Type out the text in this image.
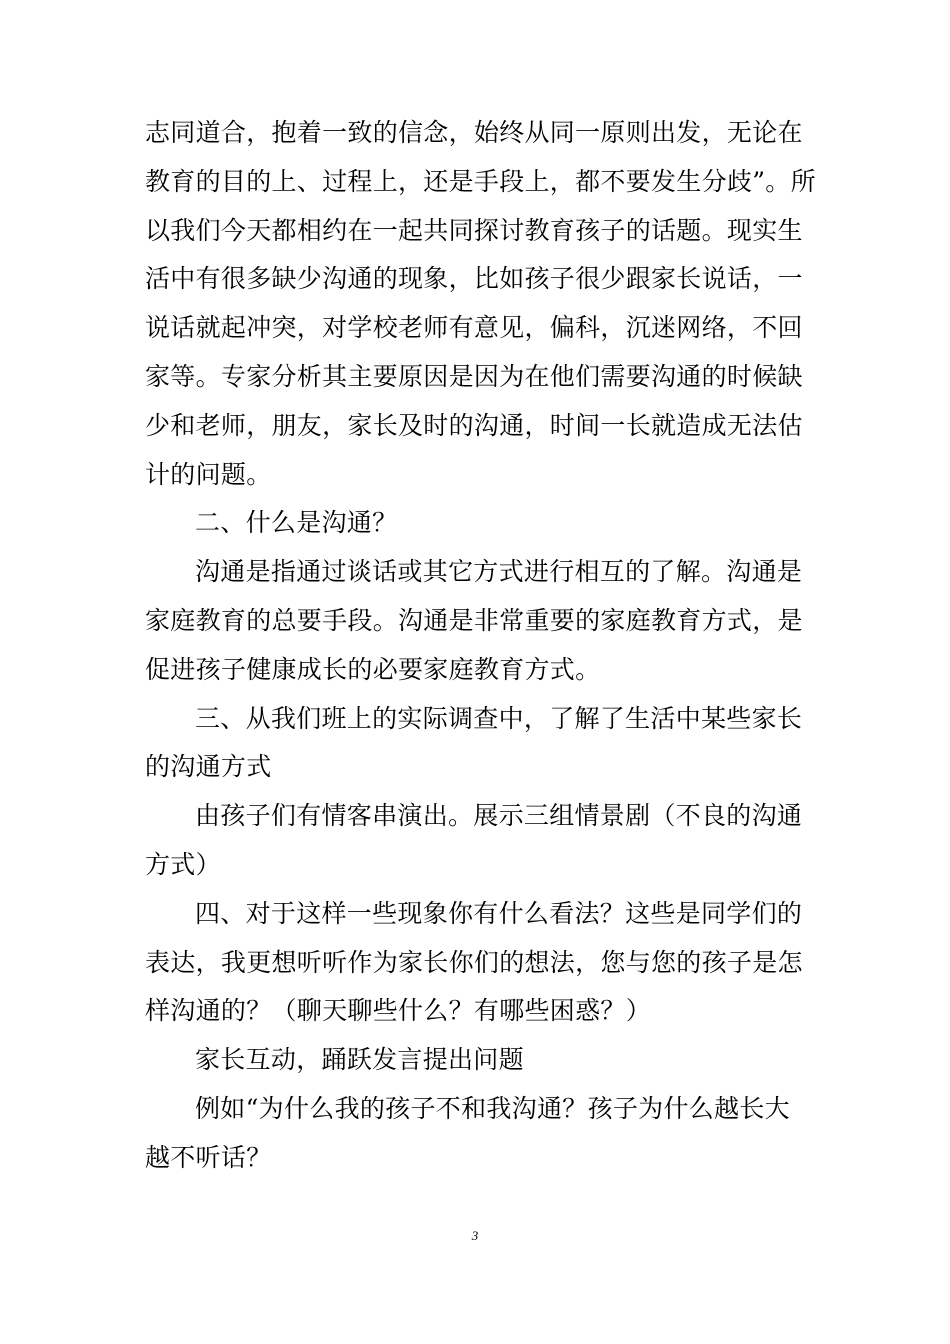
志同道合，抱着一致的信念，始终从同一原则出发，无论在
教育的目的上、过程上，还是手段上，都不要发生分歧”。所
以我们今天都相约在一起共同探讨教育孩子的话题。现实生
活中有很多缺少沟通的现象，比如孩子很少跟家长说话，一
说话就起冲突，对学校老师有意见，偏科，沉迷网络，不回
家等。专家分析其主要原因是因为在他们需要沟通的时候缺
少和老师，朋友，家长及时的沟通，时间一长就造成无法估
计的问题。
二、什么是沟通？
沟通是指通过谈话或其它方式进行相互的了解。沟通是
家庭教育的总要手段。沟通是非常重要的家庭教育方式，是
促进孩子健康成长的必要家庭教育方式。
三、从我们班上的实际调查中，了解了生活中某些家长
的沟通方式
由孩子们有情客串演出。展示三组情景剧（不良的沟通
方式）
四、对于这样一些现象你有什么看法？这些是同学们的
表达，我更想听听作为家长你们的想法，您与您的孩子是怎
样沟通的？（聊天聊些什么？有哪些困惑？）
家长互动，踊跃发言提出问题
例如“为什么我的孩子不和我沟通？孩子为什么越长大
越不听话？
3
